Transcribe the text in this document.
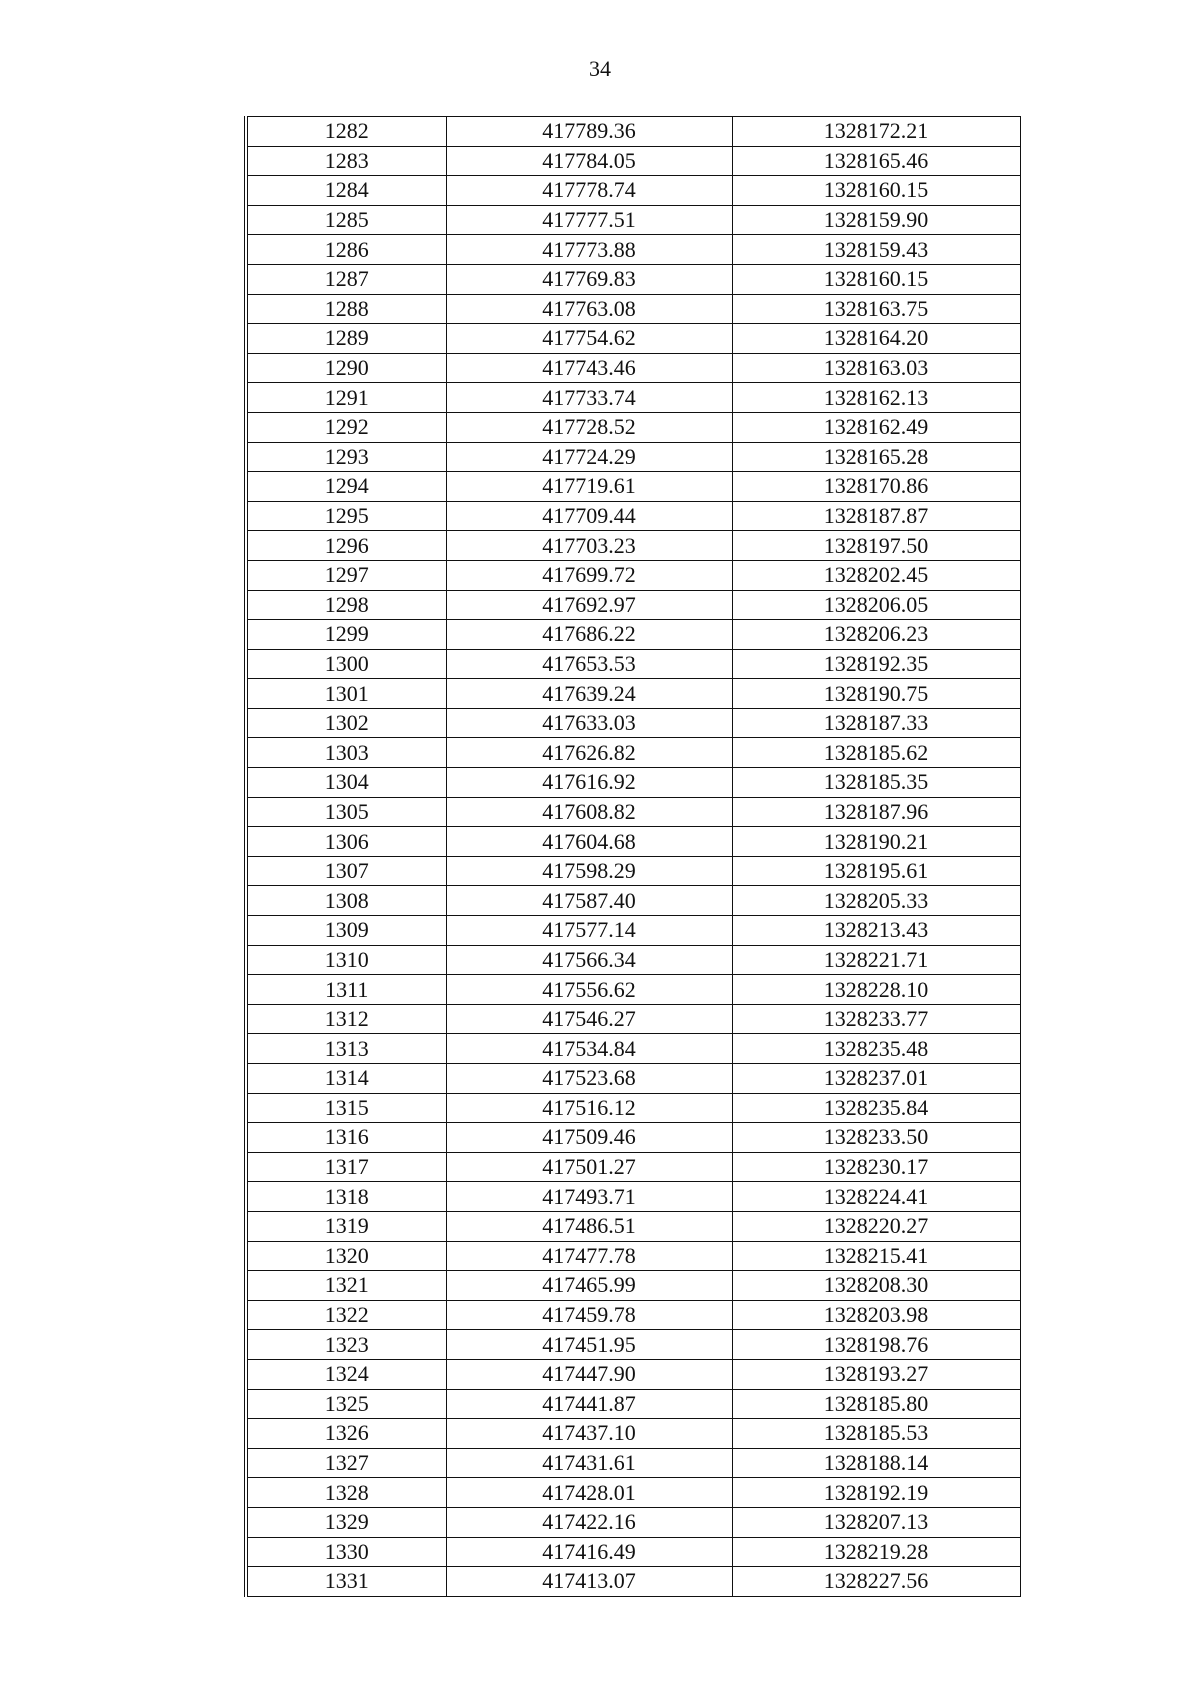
34
1282	417789.36	1328172.21
1283	417784.05	1328165.46
1284	417778.74	1328160.15
1285	417777.51	1328159.90
1286	417773.88	1328159.43
1287	417769.83	1328160.15
1288	417763.08	1328163.75
1289	417754.62	1328164.20
1290	417743.46	1328163.03
1291	417733.74	1328162.13
1292	417728.52	1328162.49
1293	417724.29	1328165.28
1294	417719.61	1328170.86
1295	417709.44	1328187.87
1296	417703.23	1328197.50
1297	417699.72	1328202.45
1298	417692.97	1328206.05
1299	417686.22	1328206.23
1300	417653.53	1328192.35
1301	417639.24	1328190.75
1302	417633.03	1328187.33
1303	417626.82	1328185.62
1304	417616.92	1328185.35
1305	417608.82	1328187.96
1306	417604.68	1328190.21
1307	417598.29	1328195.61
1308	417587.40	1328205.33
1309	417577.14	1328213.43
1310	417566.34	1328221.71
1311	417556.62	1328228.10
1312	417546.27	1328233.77
1313	417534.84	1328235.48
1314	417523.68	1328237.01
1315	417516.12	1328235.84
1316	417509.46	1328233.50
1317	417501.27	1328230.17
1318	417493.71	1328224.41
1319	417486.51	1328220.27
1320	417477.78	1328215.41
1321	417465.99	1328208.30
1322	417459.78	1328203.98
1323	417451.95	1328198.76
1324	417447.90	1328193.27
1325	417441.87	1328185.80
1326	417437.10	1328185.53
1327	417431.61	1328188.14
1328	417428.01	1328192.19
1329	417422.16	1328207.13
1330	417416.49	1328219.28
1331	417413.07	1328227.56
